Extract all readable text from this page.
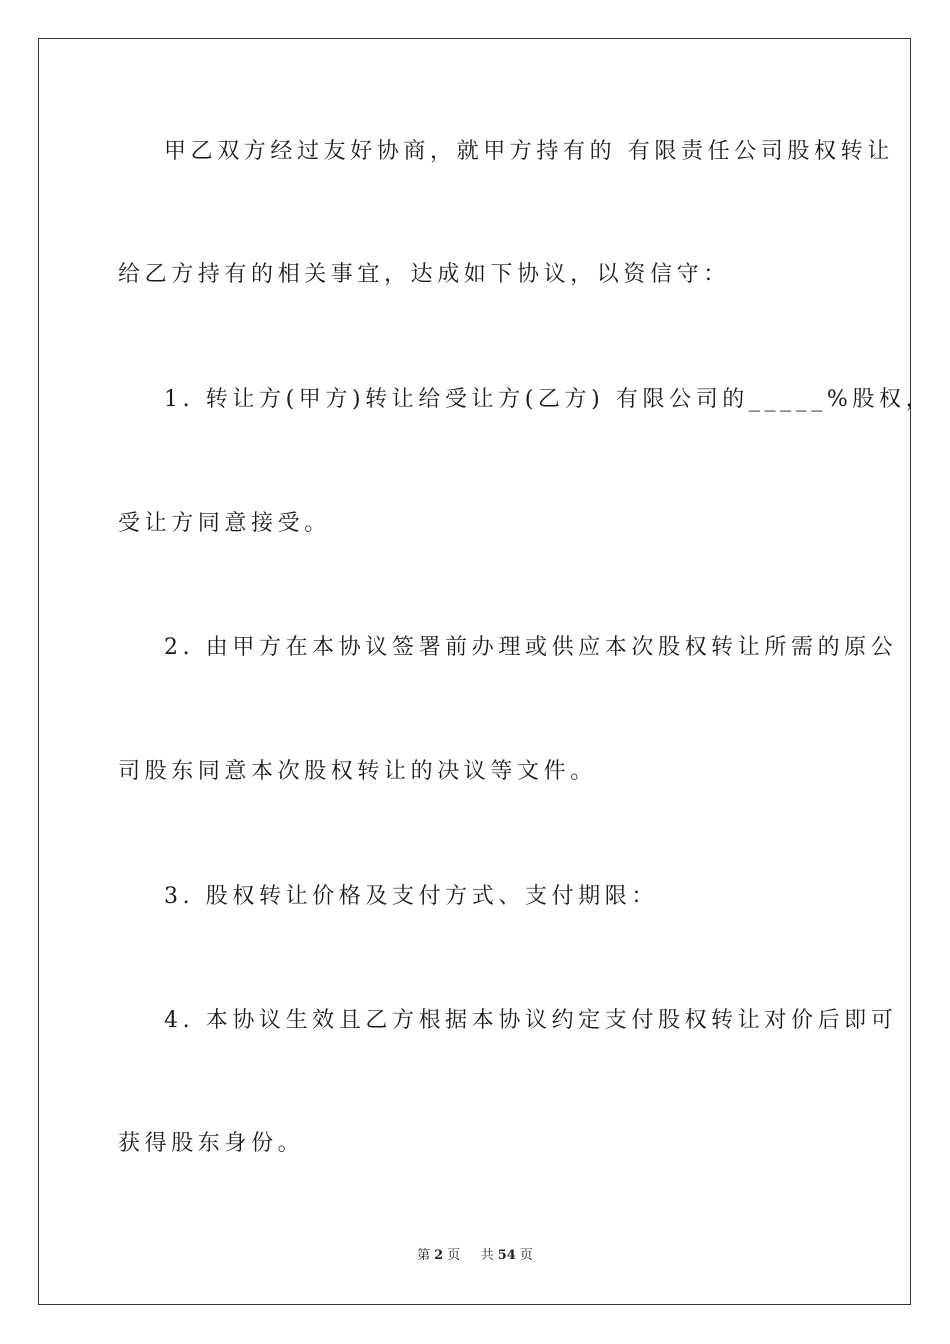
甲乙双方经过友好协商，就甲方持有的 有限责任公司股权转让
给乙方持有的相关事宜，达成如下协议，以资信守：
1. 转让方(甲方)转让给受让方(乙方) 有限公司的_____%股权，
受让方同意接受。
2. 由甲方在本协议签署前办理或供应本次股权转让所需的原公
司股东同意本次股权转让的决议等文件。
3. 股权转让价格及支付方式、支付期限：
4. 本协议生效且乙方根据本协议约定支付股权转让对价后即可
获得股东身份。
第 2 页 共 54 页
